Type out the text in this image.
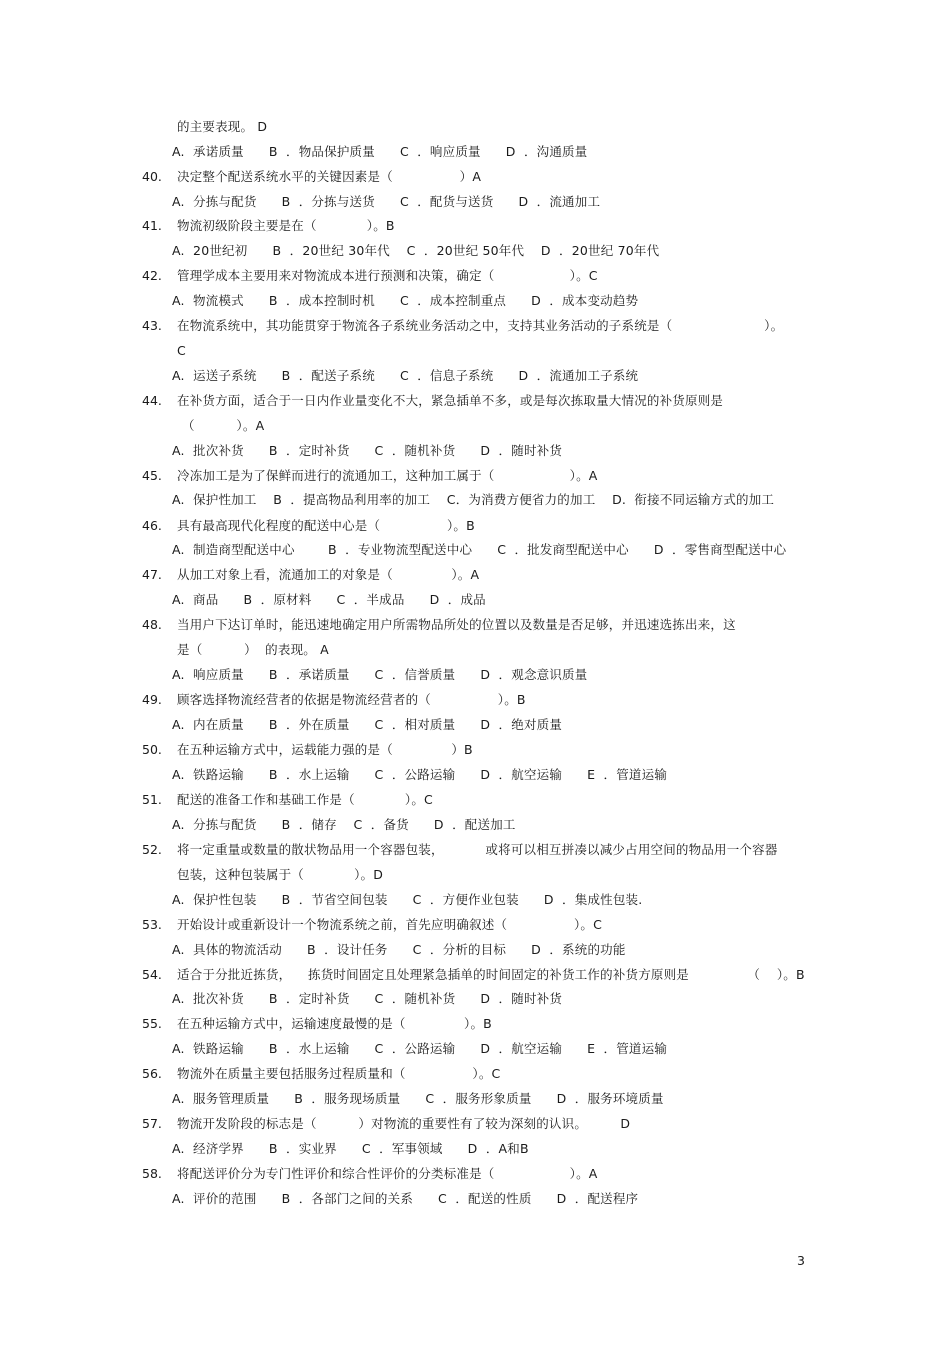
3
的主要表现。 D
A.  承诺质量      B  ．物品保护质量      C  ．响应质量      D  ．沟通质量
40. 决定整个配送系统水平的关键因素是（                ）A
A.  分拣与配货      B  ．分拣与送货      C  ．配货与送货      D  ．流通加工
41. 物流初级阶段主要是在（            ）。B
A.  20世纪初      B  ．20世纪 30年代    C  ．20世纪 50年代    D  ．20世纪 70年代
42. 管理学成本主要用来对物流成本进行预测和决策，确定（                  ）。C
A.  物流模式      B  ．成本控制时机      C  ．成本控制重点      D  ．成本变动趋势
43. 在物流系统中，其功能贯穿于物流各子系统业务活动之中，支持其业务活动的子系统是（                      ）。
C
A.  运送子系统      B  ．配送子系统      C  ．信息子系统      D  ．流通加工子系统
44. 在补货方面，适合于一日内作业量变化不大，紧急插单不多，或是每次拣取量大情况的补货原则是
（          ）。A
A.  批次补货      B  ．定时补货      C  ．随机补货      D  ．随时补货
45. 冷冻加工是为了保鲜而进行的流通加工，这种加工属于（                  ）。A
A.  保护性加工    B  ．提高物品利用率的加工    C．为消费方便省力的加工    D.  衔接不同运输方式的加工
46. 具有最高现代化程度的配送中心是（                ）。B
A.  制造商型配送中心        B  ．专业物流型配送中心      C  ．批发商型配送中心      D  ．零售商型配送中心
47. 从加工对象上看，流通加工的对象是（              ）。A
A.  商品      B  ．原材料      C  ．半成品      D  ．成品
48. 当用户下达订单时，能迅速地确定用户所需物品所处的位置以及数量是否足够，并迅速选拣出来，这
是（          ）  的表现。 A
A.  响应质量      B  ．承诺质量      C  ．信誉质量      D  ．观念意识质量
49. 顾客选择物流经营者的依据是物流经营者的（                ）。B
A.  内在质量      B  ．外在质量      C  ．相对质量      D  ．绝对质量
50. 在五种运输方式中，运载能力强的是（              ）B
A.  铁路运输      B  ．水上运输      C  ．公路运输      D  ．航空运输      E  ．管道运输
51. 配送的准备工作和基础工作是（            ）。C
A.  分拣与配货      B  ．储存    C  ．备货      D  ．配送加工
52. 将一定重量或数量的散状物品用一个容器包装，          或将可以相互拼凑以减少占用空间的物品用一个容器
包装，这种包装属于（            ）。D
A.  保护性包装      B  ．节省空间包装      C  ．方便作业包装      D  ．集成性包装.
53. 开始设计或重新设计一个物流系统之前，首先应明确叙述（                ）。C
A.  具体的物流活动      B  ．设计任务      C  ．分析的目标      D  ．系统的功能
54. 适合于分批近拣货，    拣货时间固定且处理紧急插单的时间固定的补货工作的补货方原则是              （    ）。B
A.  批次补货      B  ．定时补货      C  ．随机补货      D  ．随时补货
55. 在五种运输方式中，运输速度最慢的是（              ）。B
A.  铁路运输      B  ．水上运输      C  ．公路运输      D  ．航空运输      E  ．管道运输
56. 物流外在质量主要包括服务过程质量和（                ）。C
A.  服务管理质量      B  ．服务现场质量      C  ．服务形象质量      D  ．服务环境质量
57. 物流开发阶段的标志是（          ）对物流的重要性有了较为深刻的认识。        D
A.  经济学界      B  ．实业界      C  ．军事领域      D  ．A和B
58. 将配送评价分为专门性评价和综合性评价的分类标准是（                  ）。A
A.  评价的范围      B  ．各部门之间的关系      C  ．配送的性质      D  ．配送程序
